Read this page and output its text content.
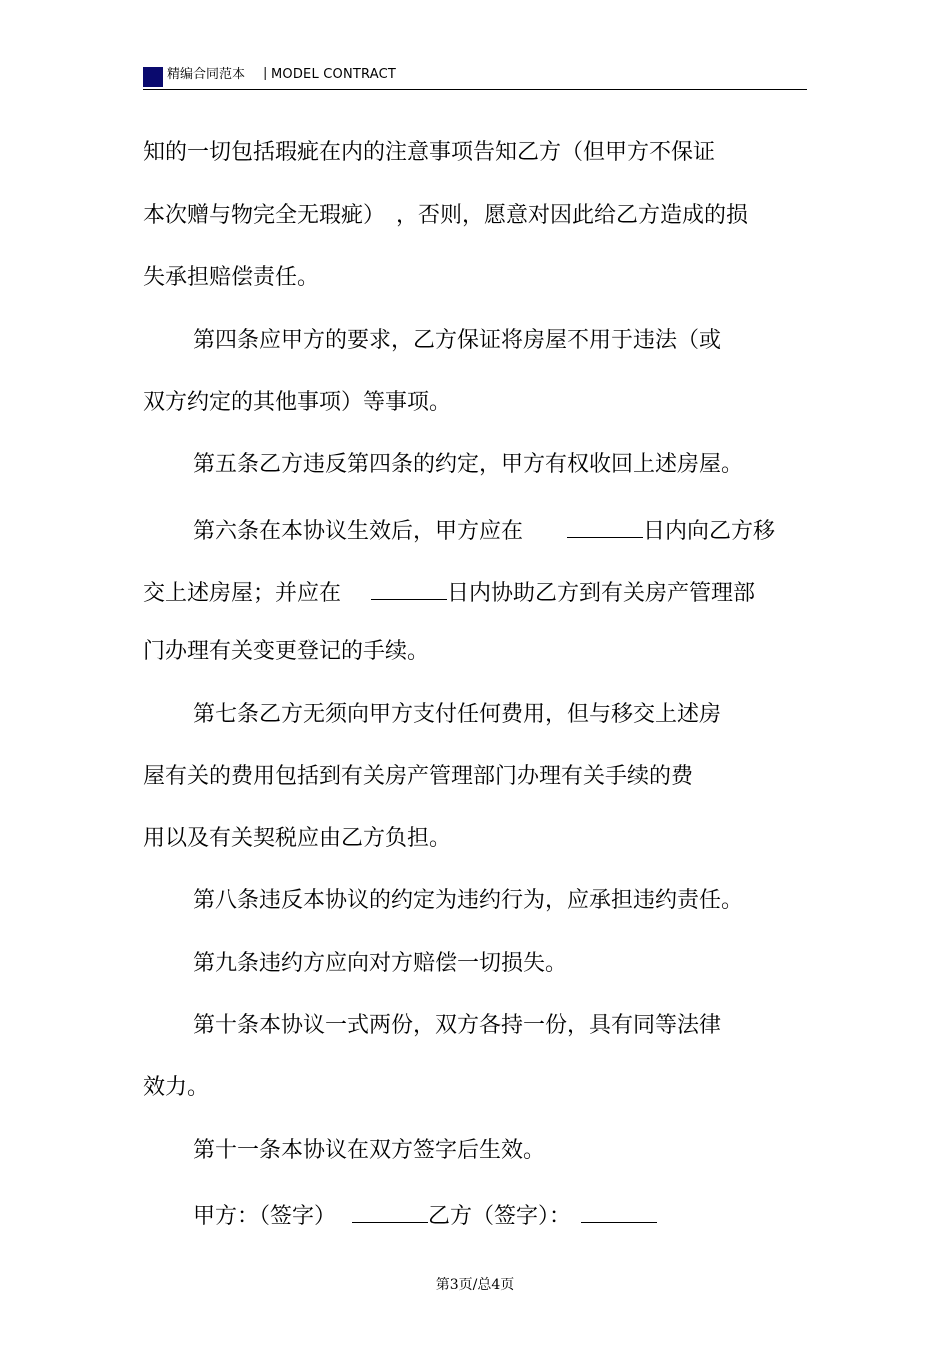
精编合同范本 | MODEL CONTRACT
知的一切包括瑕疵在内的注意事项告知乙方（但甲方不保证
本次赠与物完全无瑕疵）　，否则，愿意对因此给乙方造成的损
失承担赔偿责任。
第四条应甲方的要求，乙方保证将房屋不用于违法（或
双方约定的其他事项）等事项。
第五条乙方违反第四条的约定，甲方有权收回上述房屋。
第六条在本协议生效后，甲方应在	日内向乙方移
交上述房屋；并应在	日内协助乙方到有关房产管理部
门办理有关变更登记的手续。
第七条乙方无须向甲方支付任何费用，但与移交上述房
屋有关的费用包括到有关房产管理部门办理有关手续的费
用以及有关契税应由乙方负担。
第八条违反本协议的约定为违约行为，应承担违约责任。
第九条违约方应向对方赔偿一切损失。
第十条本协议一式两份，双方各持一份，具有同等法律
效力。
第十一条本协议在双方签字后生效。
甲方：（签字）	乙方（签字）：
第3页/总4页
